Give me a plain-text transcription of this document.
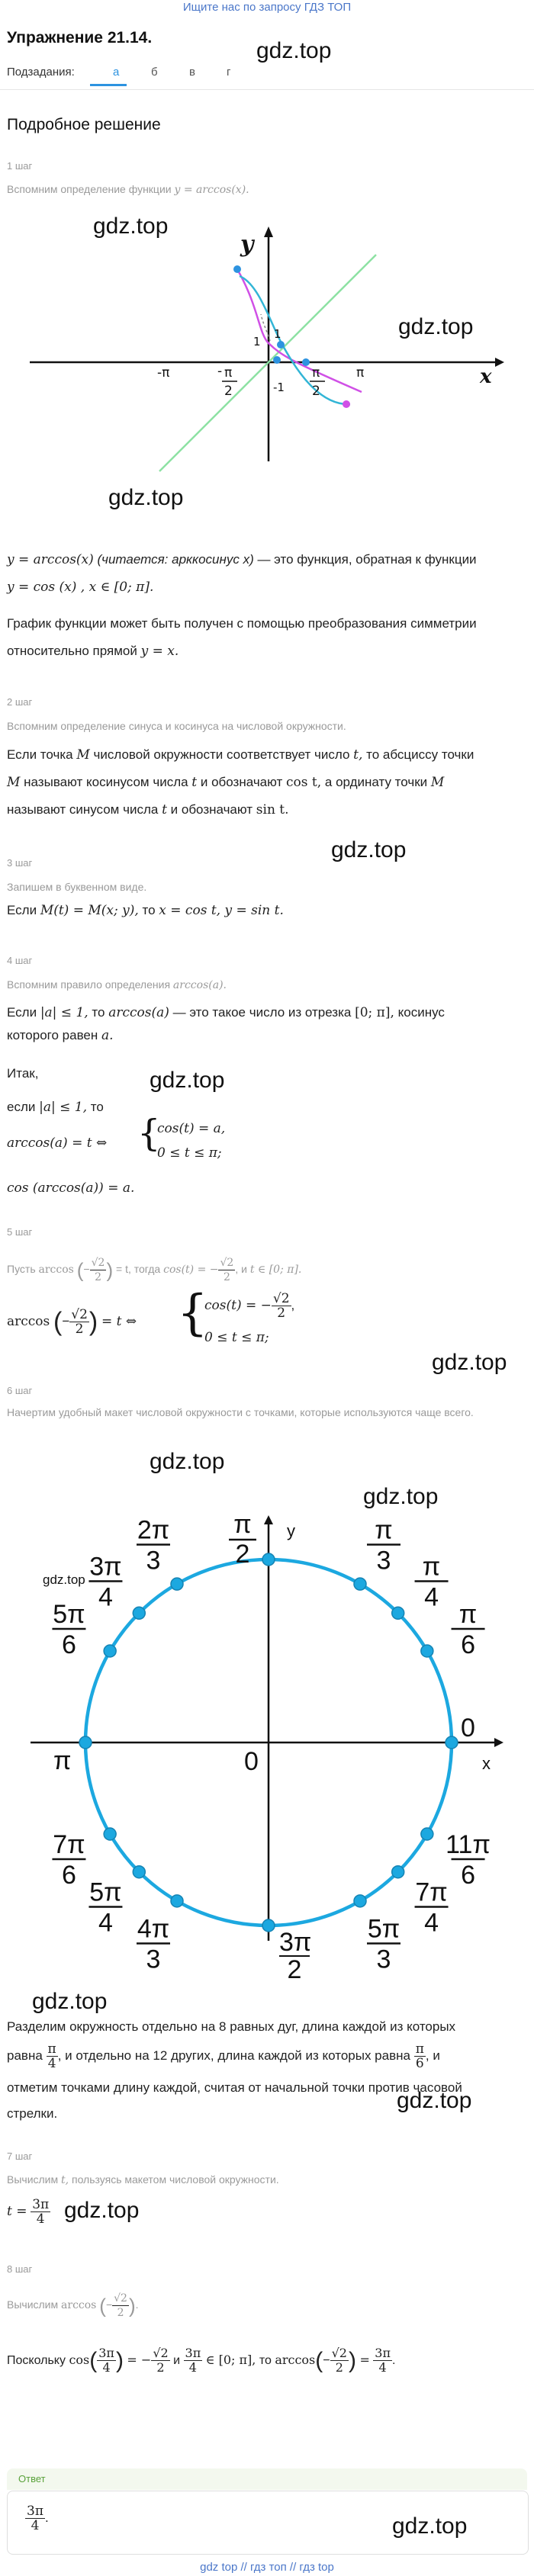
Ищите нас по запросу ГДЗ ТОП
Упражнение 21.14.
gdz.top
Подзадания:	а	б	в	г
Подробное решение
1 шаг
Вспомним определение функции y = arccos(x).
y
x
-π	- π
2
π
2
π
1
1
-1
gdz.top
gdz.top
gdz.top
y = arccos(x) (читается: арккосинус x) — это функция, обратная к функции
y = cos (x) , x ∈ [0; π].
График функции может быть получен с помощью преобразования симметрии
относительно прямой y = x.
2 шаг
Вспомним определение синуса и косинуса на числовой окружности.
Если точка M числовой окружности соответствует число t, то абсциссу точки
M называют косинусом числа t и обозначают cos t, а ординату точки M
называют синусом числа t и обозначают sin t.
gdz.top
3 шаг
Запишем в буквенном виде.
Если M(t) = M(x; y), то x = cos t, y = sin t.
4 шаг
Вспомним правило определения arccos(a).
Если |a| ≤ 1, то arccos(a) — это такое число из отрезка [0; π], косинус
которого равен a.
Итак,	gdz.top
если |a| ≤ 1, то
arccos(a) = t ⇔ {
cos(t) = a,
0 ≤ t ≤ π;
cos (arccos(a)) = a.
5 шаг
Пусть arccos (− $\frac{√2}{2}$ ) = t, тогда cos(t) = − $\frac{√2}{2}$ , и t ∈ [0; π].
arccos (− $\frac{√2}{2}$ ) = t ⇔ {
cos(t) = − $\frac{√2}{2}$ ,
0 ≤ t ≤ π;
gdz.top
6 шаг
Начертим удобный макет числовой окружности с точками, которые используются чаще всего.
gdz.top
gdz.top
gdz.top
y
x
0
0
π
π
2
π
3 π
4
π
6
2π
3
3π
4
5π
6
7π
6
5π
4 4π
3
5π
3
7π
4
11π
6
3π
2
gdz.top
Разделим окружность отдельно на 8 равных дуг, длина каждой из которых
равна $\frac{\pi}{4}$ , и отдельно на 12 других, длина каждой из которых равна $\frac{\pi}{6}$ , и
отметим точками длину каждой, считая от начальной точки против часовой
gdz.top
стрелки.
7 шаг
Вычислим t, пользуясь макетом числовой окружности.
$t = \frac{3\pi}{4} gdz.top$
8 шаг
Вычислим arccos (− $\frac{√2}{2}$ ).
Поскольку $\cos( \frac{3\pi}{4}$ ) = − $\frac{√2}{2}$ и $\frac{3\pi}{4}$ ∈ [0; π], то $\arccos(- \frac{√2}{2}$ ) = $\frac{3\pi}{4}$ .
Ответ
$\frac{3\pi}{4}$ .	gdz.top
gdz top // гдз топ // гдз top
